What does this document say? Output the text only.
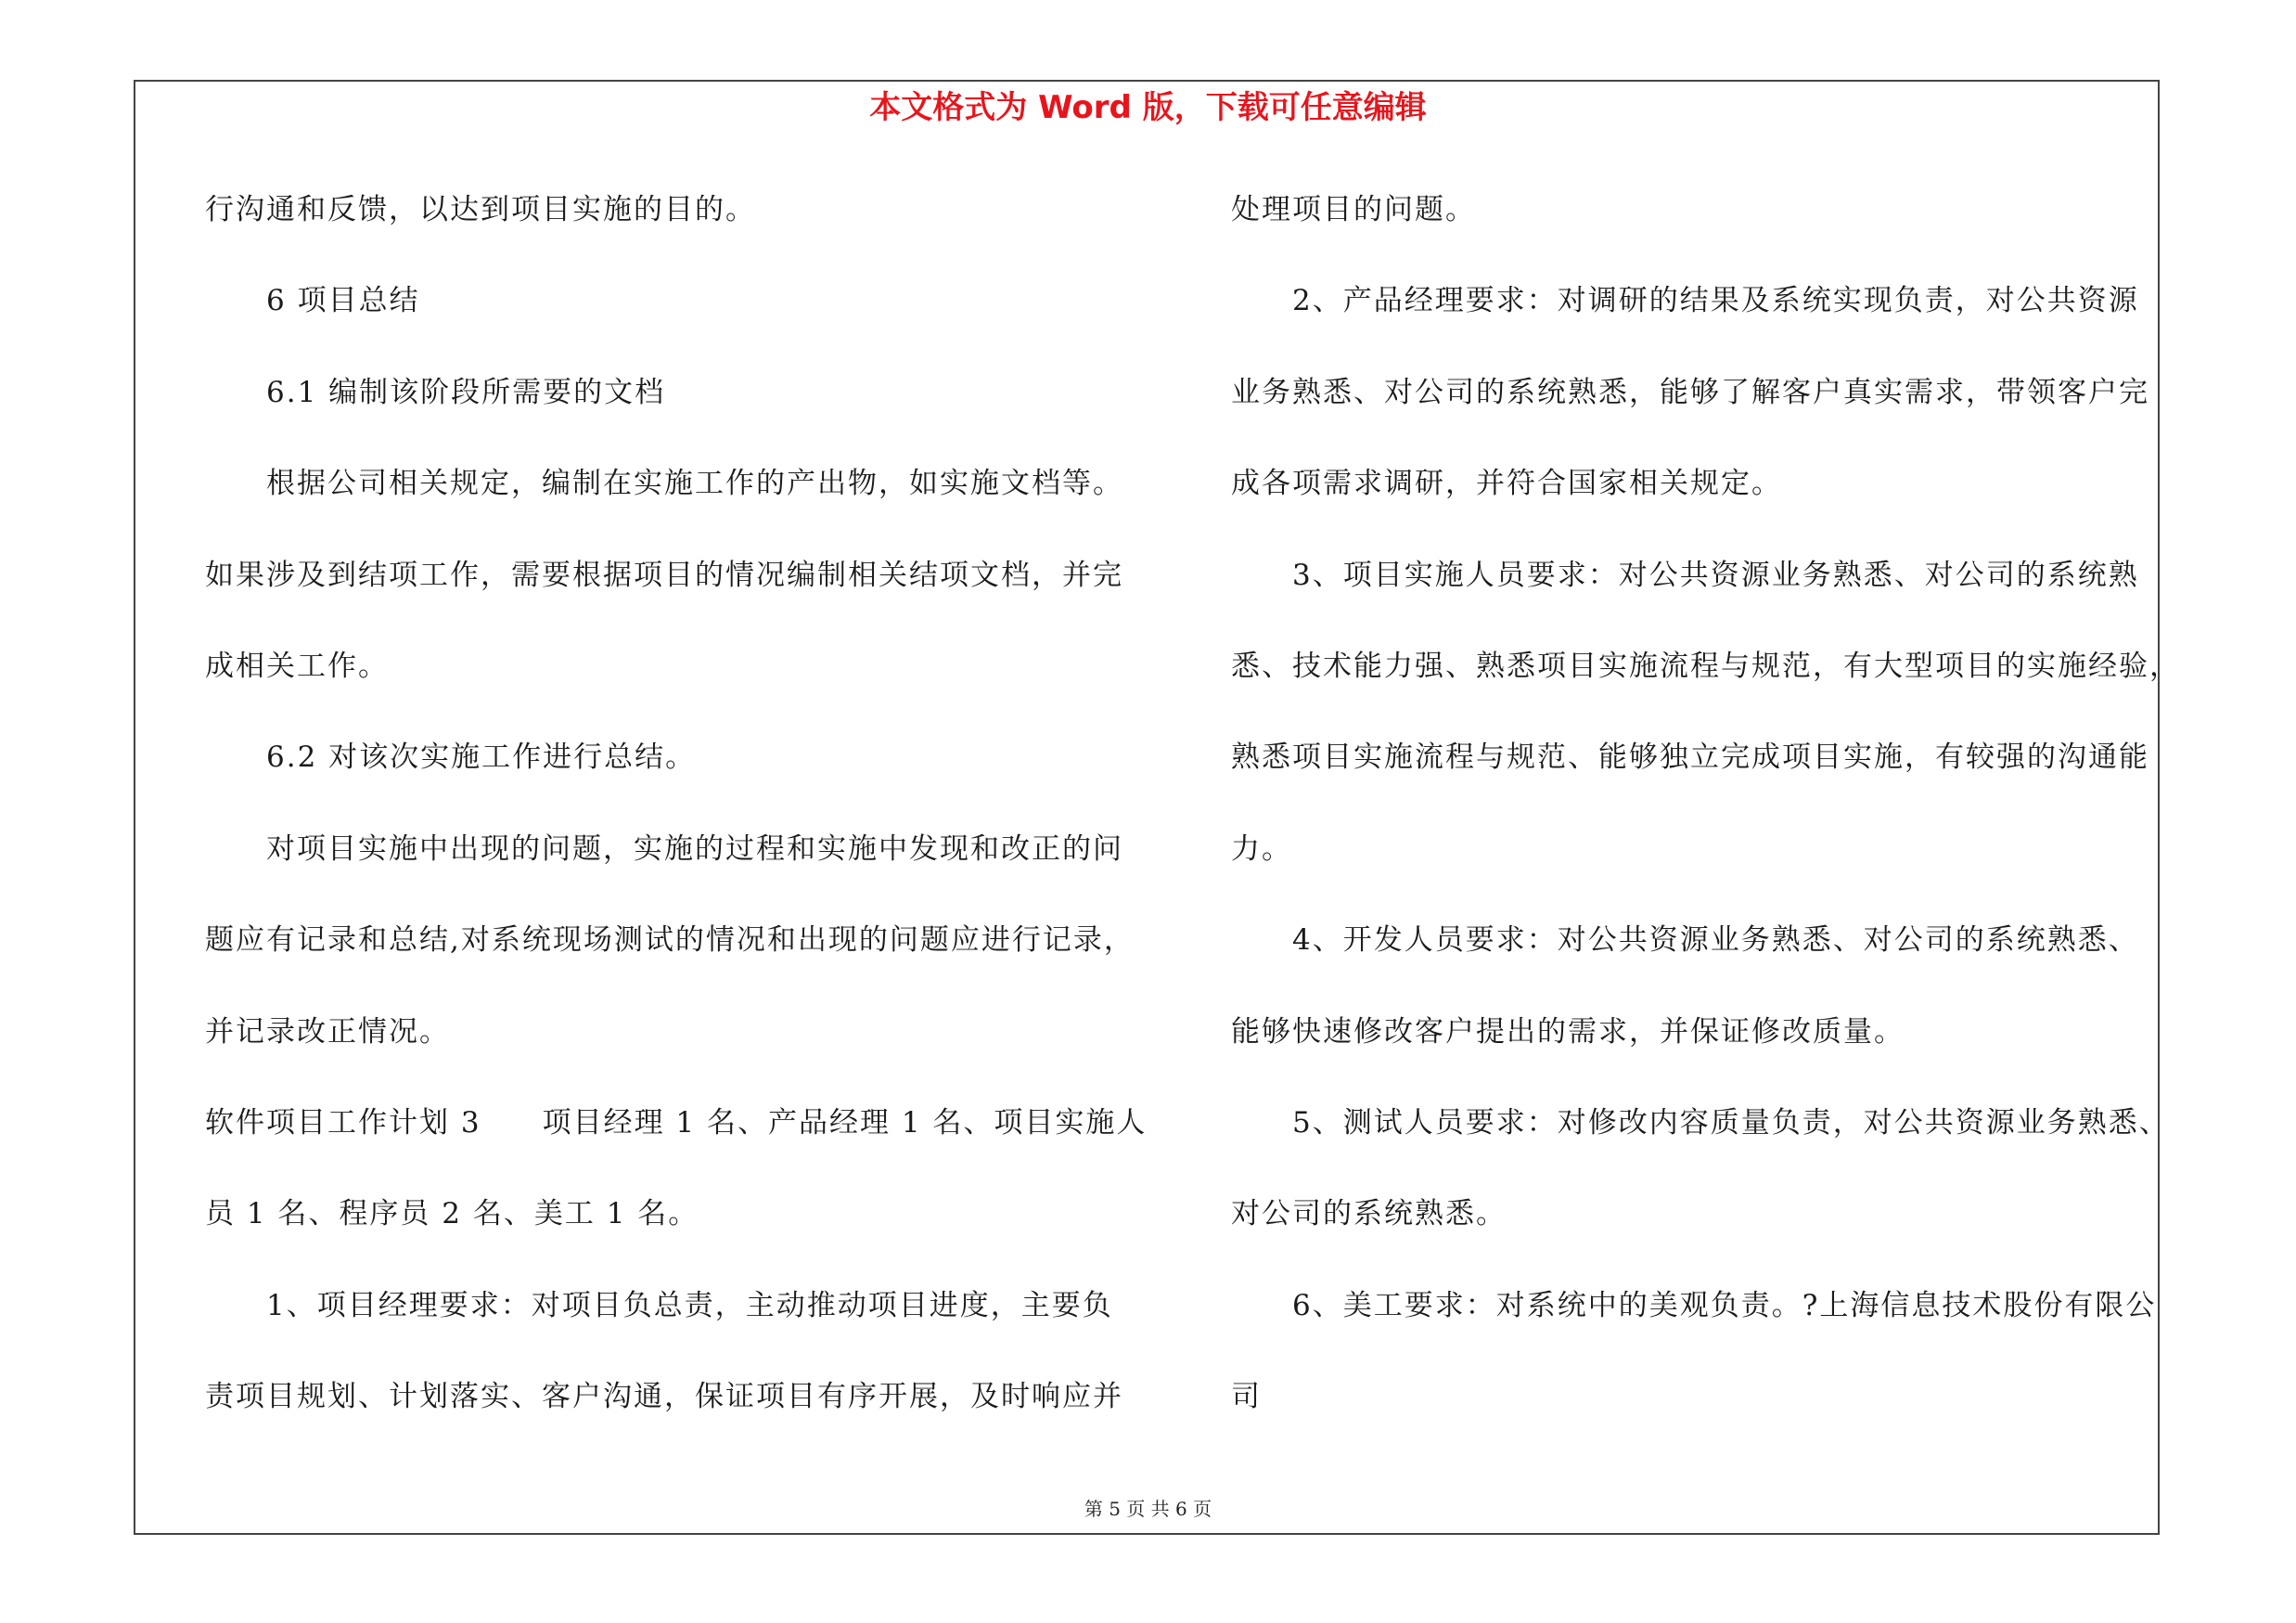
本文格式为 Word 版，下载可任意编辑
行沟通和反馈，以达到项目实施的目的。
6 项目总结
6.1 编制该阶段所需要的文档
根据公司相关规定，编制在实施工作的产出物，如实施文档等。
如果涉及到结项工作，需要根据项目的情况编制相关结项文档，并完
成相关工作。
6.2 对该次实施工作进行总结。
对项目实施中出现的问题，实施的过程和实施中发现和改正的问
题应有记录和总结,对系统现场测试的情况和出现的问题应进行记录，
并记录改正情况。
软件项目工作计划 3　　项目经理 1 名、产品经理 1 名、项目实施人
员 1 名、程序员 2 名、美工 1 名。
1、项目经理要求：对项目负总责，主动推动项目进度，主要负
责项目规划、计划落实、客户沟通，保证项目有序开展，及时响应并
处理项目的问题。
2、产品经理要求：对调研的结果及系统实现负责，对公共资源
业务熟悉、对公司的系统熟悉，能够了解客户真实需求，带领客户完
成各项需求调研，并符合国家相关规定。
3、项目实施人员要求：对公共资源业务熟悉、对公司的系统熟
悉、技术能力强、熟悉项目实施流程与规范，有大型项目的实施经验，
熟悉项目实施流程与规范、能够独立完成项目实施，有较强的沟通能
力。
4、开发人员要求：对公共资源业务熟悉、对公司的系统熟悉、
能够快速修改客户提出的需求，并保证修改质量。
5、测试人员要求：对修改内容质量负责，对公共资源业务熟悉、
对公司的系统熟悉。
6、美工要求：对系统中的美观负责。?上海信息技术股份有限公
司
第 5 页 共 6 页
